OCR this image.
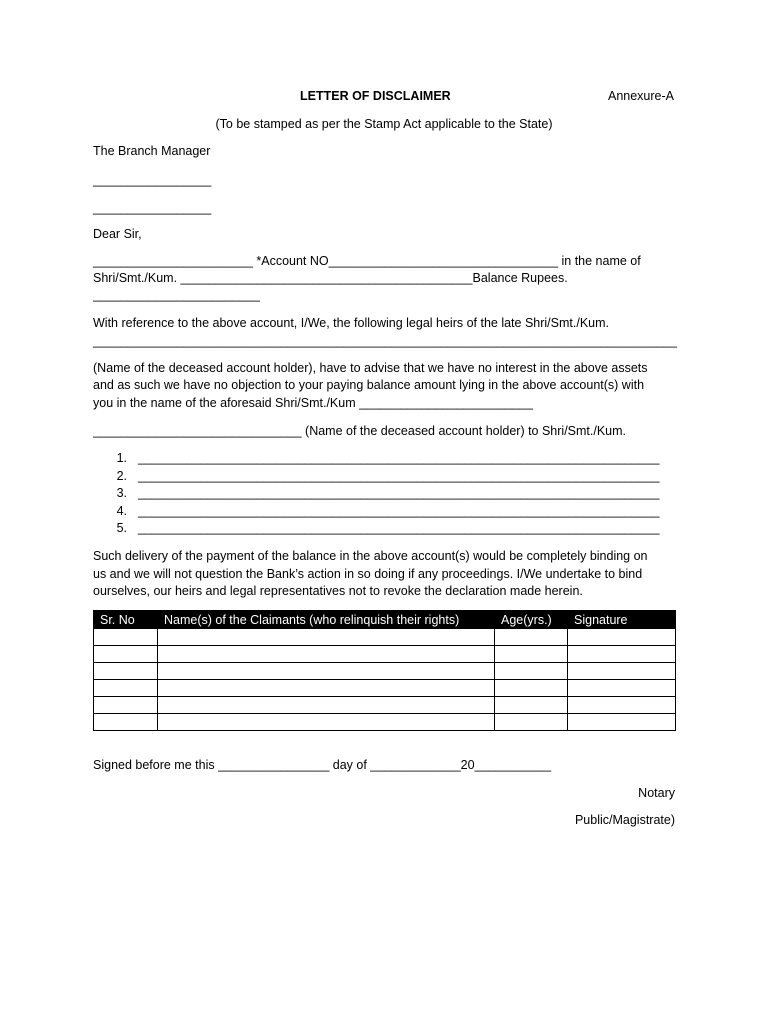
LETTER OF DISCLAIMER	Annexure-A
(To be stamped as per the Stamp Act applicable to the State)
The Branch Manager
_________________
_________________
Dear Sir,
_______________________ *Account NO_________________________________ in the name of
Shri/Smt./Kum. __________________________________________Balance Rupees.
________________________
With reference to the above account, I/We, the following legal heirs of the late Shri/Smt./Kum.
____________________________________________________________________________________
(Name of the deceased account holder), have to advise that we have no interest in the above assets
and as such we have no objection to your paying balance amount lying in the above account(s) with
you in the name of the aforesaid Shri/Smt./Kum _________________________
______________________________ (Name of the deceased account holder) to Shri/Smt./Kum.
1. ___________________________________________________________________________
2. ___________________________________________________________________________
3. ___________________________________________________________________________
4. ___________________________________________________________________________
5. ___________________________________________________________________________
Such delivery of the payment of the balance in the above account(s) would be completely binding on
us and we will not question the Bank’s action in so doing if any proceedings. I/We undertake to bind
ourselves, our heirs and legal representatives not to revoke the declaration made herein.
Sr. No	Name(s) of the Claimants (who relinquish their rights)	Age(yrs.)	Signature

Signed before me this ________________ day of _____________20___________
Notary
Public/Magistrate)
